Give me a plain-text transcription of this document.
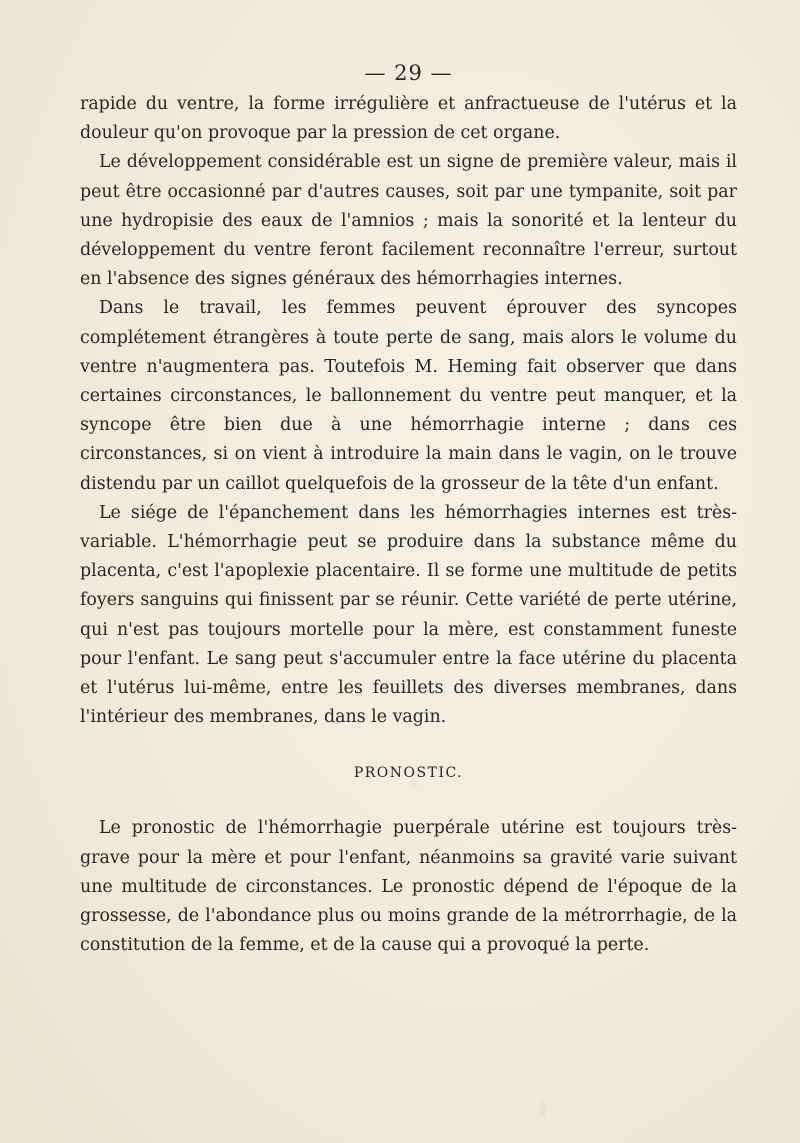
— 29 —

rapide du ventre, la forme irrégulière et anfractueuse de l'utérus et la douleur qu'on provoque par la pression de cet organe.

Le développement considérable est un signe de première valeur, mais il peut être occasionné par d'autres causes, soit par une tympanite, soit par une hydropisie des eaux de l'amnios ; mais la sonorité et la lenteur du développement du ventre feront facilement reconnaître l'erreur, surtout en l'absence des signes généraux des hémorrhagies internes.

Dans le travail, les femmes peuvent éprouver des syncopes complétement étrangères à toute perte de sang, mais alors le volume du ventre n'augmentera pas. Toutefois M. Heming fait observer que dans certaines circonstances, le ballonnement du ventre peut manquer, et la syncope être bien due à une hémorrhagie interne ; dans ces circonstances, si on vient à introduire la main dans le vagin, on le trouve distendu par un caillot quelquefois de la grosseur de la tête d'un enfant.

Le siége de l'épanchement dans les hémorrhagies internes est très-variable. L'hémorrhagie peut se produire dans la substance même du placenta, c'est l'apoplexie placentaire. Il se forme une multitude de petits foyers sanguins qui finissent par se réunir. Cette variété de perte utérine, qui n'est pas toujours mortelle pour la mère, est constamment funeste pour l'enfant. Le sang peut s'accumuler entre la face utérine du placenta et l'utérus lui-même, entre les feuillets des diverses membranes, dans l'intérieur des membranes, dans le vagin.

PRONOSTIC.

Le pronostic de l'hémorrhagie puerpérale utérine est toujours très-grave pour la mère et pour l'enfant, néanmoins sa gravité varie suivant une multitude de circonstances. Le pronostic dépend de l'époque de la grossesse, de l'abondance plus ou moins grande de la métrorrhagie, de la constitution de la femme, et de la cause qui a provoqué la perte.
